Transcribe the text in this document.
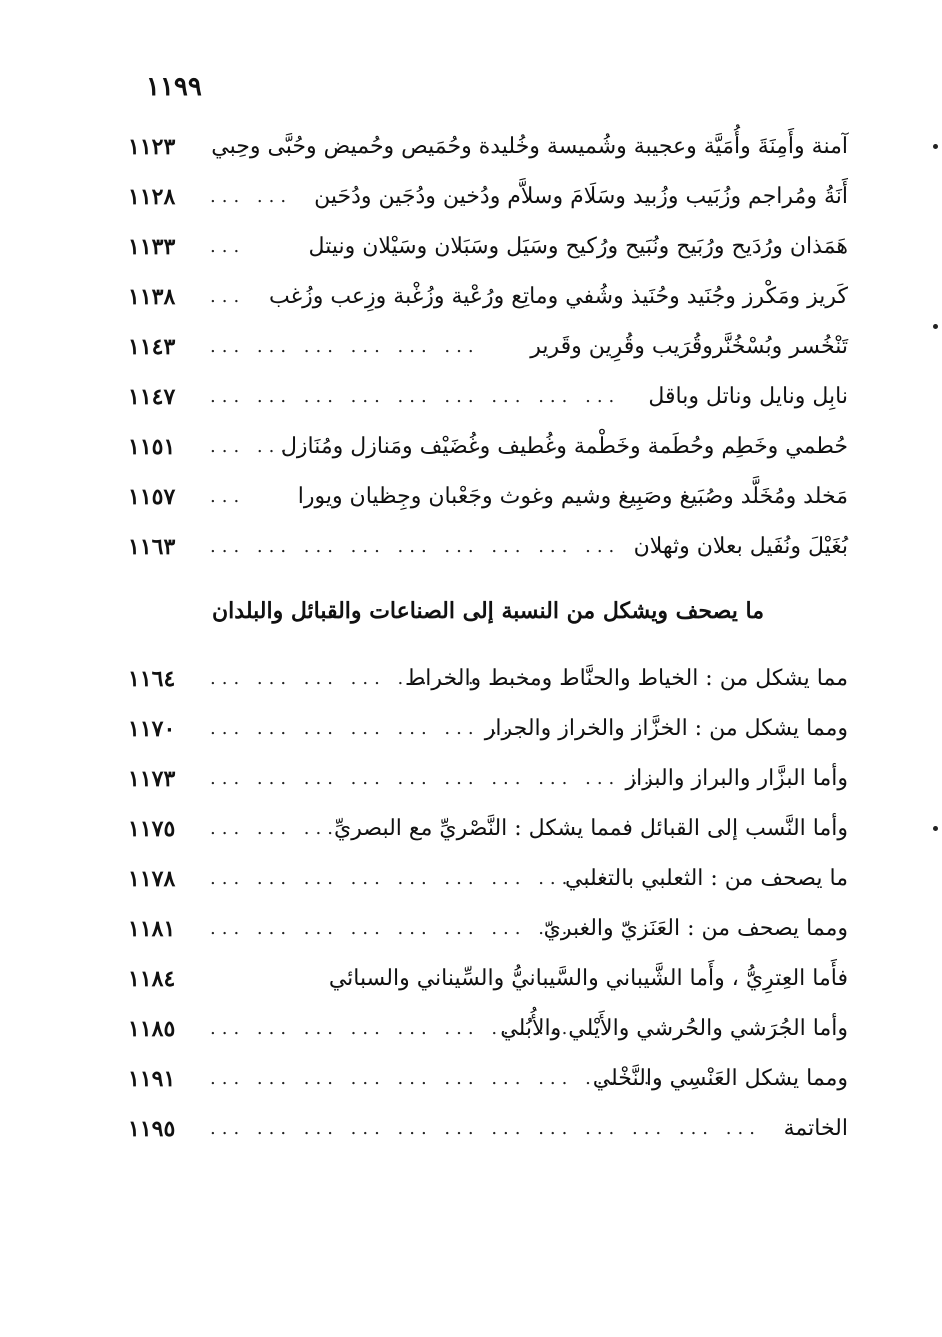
١١٩٩
آمنة وأَمِنَةَ وأُمَيَّة وعجيبة وشُميسة وخُليدة وحُمَيص وحُميض وحُبَّى وحِبي
١١٢٣
أَنَةُ ومُراجم وزُبَيب وزُبيد وسَلَامَ وسلاَّم ودُخين ودُجَين ودُحَين
... ...
١١٢٨
هَمَذان ورُدَيح ورُبَيح ونُبَيح ورُكيح وسَيَل وسَبَلان وسَيْلان ونيتل
...
١١٣٣
كَريز ومَكْرز وجُنَيد وحُنَيذ وشُفي وماتِع ورُعْية وزُغْبة وزِعب وزُغب
...
١١٣٨
تَنْخُسر وبُسْخُنَّروقُرَيب وقُرِين وقَرير
... ... ... ... ... ...
١١٤٣
نابِل ونايل وناتل وباقل
... ... ... ... ... ... ... ... ...
١١٤٧
حُطمي وخَطِم وحُطَمة وخَطْمة وغُطيف وغُضَيْف ومَنازل ومُنَازل
... ...
١١٥١
مَخلد ومُخَلَّد وصُبَيغ وصَبِيغ وشيم وغوث وجَعْبان وجِظيان ويورا
...
١١٥٧
بُغَيْلَ ونُفَيل بعلان وثهلان
... ... ... ... ... ... ... ... ...
١١٦٣
ما يصحف ويشكل من النسبة إلى الصناعات والقبائل والبلدان
مما يشكل من : الخياط والحنَّاط ومخبط والخراط
... ... ... ... ... ...
١١٦٤
ومما يشكل من : الخزَّاز والخراز والجرار
... ... ... ... ... ... ...
١١٧٠
وأما البزَّار والبراز والبزاز
... ... ... ... ... ... ... ... ... ...
١١٧٣
وأما النَّسب إلى القبائل فمما يشكل : النَّصْريِّ مع البصريِّ
... ... ...
١١٧٥
ما يصحف من : الثعلبي بالتغلبي
... ... ... ... ... ... ... ... ...
١١٧٨
ومما يصحف من : العَنَزيّ والغبريّ
... ... ... ... ... ... ... ...
١١٨١
فأَما العِترِيُّ ، وأَما الشَّيباني والسَّيبانيُّ والسِّيناني والسبائي
١١٨٤
وأما الجُرَشي والحُرشي والأَيْلي والأُبُلي
... ... ... ... ... ... ... ...
١١٨٥
ومما يشكل العَنْسِي والنَّخْلي
... ... ... ... ... ... ... ... ... ...
١١٩١
الخاتمة
... ... ... ... ... ... ... ... ... ... ... ...
١١٩٥
